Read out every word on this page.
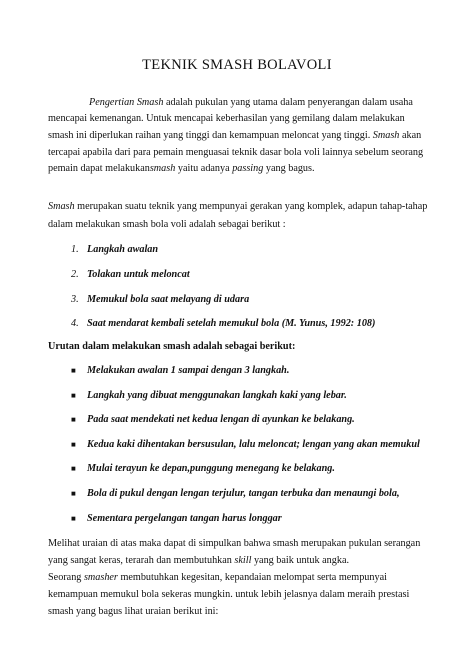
TEKNIK SMASH BOLAVOLI
Pengertian Smash adalah pukulan yang utama dalam penyerangan dalam usaha
mencapai kemenangan. Untuk mencapai keberhasilan yang gemilang dalam melakukan
smash ini diperlukan raihan yang tinggi dan kemampuan meloncat yang tinggi. Smash akan
tercapai apabila dari para pemain menguasai teknik dasar bola voli lainnya sebelum seorang
pemain dapat melakukansmash yaitu adanya passing yang bagus.
Smash merupakan suatu teknik yang mempunyai gerakan yang komplek, adapun tahap-tahap
dalam melakukan smash bola voli adalah sebagai berikut :
1. Langkah awalan
2. Tolakan untuk meloncat
3. Memukul bola saat melayang di udara
4. Saat mendarat kembali setelah memukul bola (M. Yunus, 1992: 108)
Urutan dalam melakukan smash adalah sebagai berikut:
■ Melakukan awalan 1 sampai dengan 3 langkah.
■ Langkah yang dibuat menggunakan langkah kaki yang lebar.
■ Pada saat mendekati net kedua lengan di ayunkan ke belakang.
■ Kedua kaki dihentakan bersusulan, lalu meloncat; lengan yang akan memukul
■ Mulai terayun ke depan,punggung menegang ke belakang.
■ Bola di pukul dengan lengan terjulur, tangan terbuka dan menaungi bola,
■ Sementara pergelangan tangan harus longgar
Melihat uraian di atas maka dapat di simpulkan bahwa smash merupakan pukulan serangan
yang sangat keras, terarah dan membutuhkan skill yang baik untuk angka.
Seorang smasher membutuhkan kegesitan, kepandaian melompat serta mempunyai
kemampuan memukul bola sekeras mungkin. untuk lebih jelasnya dalam meraih prestasi
smash yang bagus lihat uraian berikut ini:
